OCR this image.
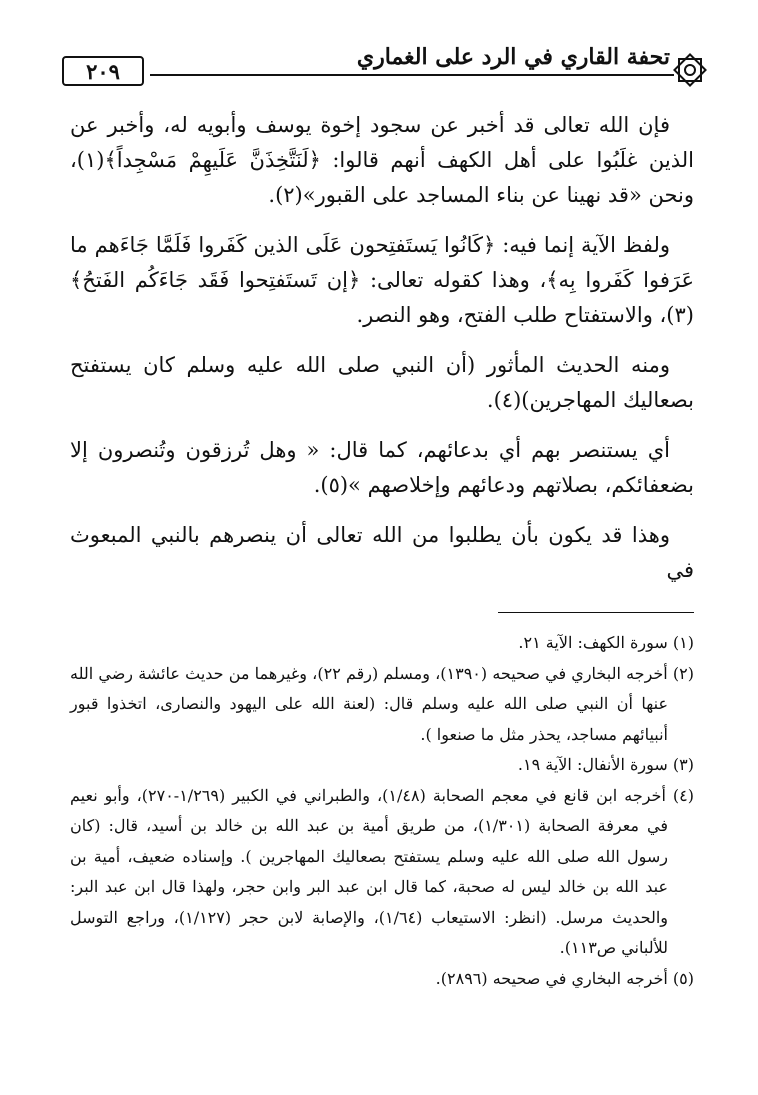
٢٠٩
تحفة القاري في الرد على الغماري

فإن الله تعالى قد أخبر عن سجود إخوة يوسف وأبويه له، وأخبر عن الذين غلَبُوا على أهل الكهف أنهم قالوا: ﴿لَنَتَّخِذَنَّ عَلَيهِمْ مَسْجِداً﴾(١)، ونحن «قد نهينا عن بناء المساجد على القبور»(٢).

ولفظ الآية إنما فيه: ﴿كَانُوا يَستَفتِحون عَلَى الذين كَفَروا فَلَمَّا جَاءَهم ما عَرَفوا كَفَروا بِه﴾، وهذا كقوله تعالى: ﴿إن تَستَفتِحوا فَقَد جَاءَكُم الفَتحُ﴾(٣)، والاستفتاح طلب الفتح، وهو النصر.

ومنه الحديث المأثور (أن النبي صلى الله عليه وسلم كان يستفتح بصعاليك المهاجرين)(٤).

أي يستنصر بهم أي بدعائهم، كما قال: « وهل تُرزقون وتُنصرون إلا بضعفائكم، بصلاتهم ودعائهم وإخلاصهم »(٥).

وهذا قد يكون بأن يطلبوا من الله تعالى أن ينصرهم بالنبي المبعوث في

(١) سورة الكهف: الآية ٢١.

(٢) أخرجه البخاري في صحيحه (١٣٩٠)، ومسلم (رقم ٢٢)، وغيرهما من حديث عائشة رضي الله عنها أن النبي صلى الله عليه وسلم قال: (لعنة الله على اليهود والنصارى، اتخذوا قبور أنبيائهم مساجد، يحذر مثل ما صنعوا ).

(٣) سورة الأنفال: الآية ١٩.

(٤) أخرجه ابن قانع في معجم الصحابة (١/٤٨)، والطبراني في الكبير (١/٢٦٩-٢٧٠)، وأبو نعيم في معرفة الصحابة (١/٣٠١)، من طريق أمية بن عبد الله بن خالد بن أسيد، قال: (كان رسول الله صلى الله عليه وسلم يستفتح بصعاليك المهاجرين ). وإسناده ضعيف، أمية بن عبد الله بن خالد ليس له صحبة، كما قال ابن عبد البر وابن حجر، ولهذا قال ابن عبد البر: والحديث مرسل. (انظر: الاستيعاب (١/٦٤)، والإصابة لابن حجر (١/١٢٧)، وراجع التوسل للألباني ص١١٣).

(٥) أخرجه البخاري في صحيحه (٢٨٩٦).
